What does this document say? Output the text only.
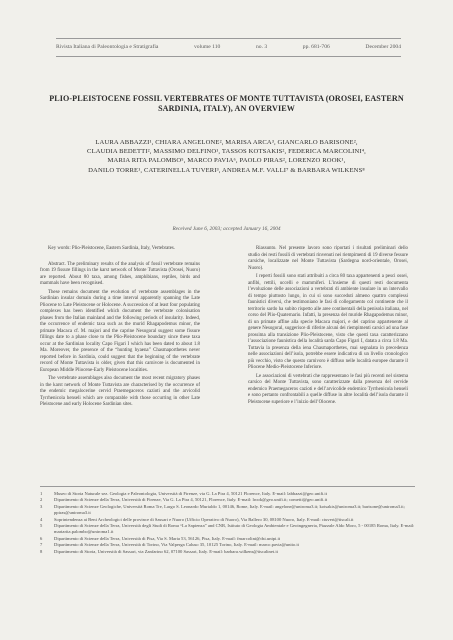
Rivista Italiana di Paleontologia e Stratigrafia	volume 110	no. 3	pp. 681-706	December 2004
PLIO-PLEISTOCENE FOSSIL VERTEBRATES OF MONTE TUTTAVISTA (OROSEI, EASTERN SARDINIA, ITALY), AN OVERVIEW
LAURA ABBAZZI¹, CHIARA ANGELONE², MARISA ARCA³, GIANCARLO BARISONE²,
CLAUDIA BEDETTI², MASSIMO DELFINO¹, TASSOS KOTSAKIS², FEDERICA MARCOLINI⁴,
MARIA RITA PALOMBO⁵, MARCO PAVIA⁶, PAOLO PIRAS², LORENZO ROOK¹,
DANILO TORRE¹, CATERINELLA TUVERI³, ANDREA M.F. VALLI⁷ & BARBARA WILKENS⁸
Received June 6, 2003; accepted January 16, 2004

Key words: Plio-Pleistocene, Eastern Sardinia, Italy, Vertebrates.

Abstract. The preliminary results of the analysis of fossil vertebrate remains from 19 fissure fillings in the karst network of Monte Tuttavista (Orosei, Nuoro) are reported. About 80 taxa, among fishes, amphibians, reptiles, birds and mammals have been recognised.

These remains document the evolution of vertebrate assemblages in the Sardinian insular domain during a time interval apparently spanning the Late Pliocene to Late Pleistocene or Holocene. A succession of at least four populating complexes has been identified which document the vertebrate colonisation phases from the Italian mainland and the following periods of insularity. Indeed, the occurrence of endemic taxa such as the murid Rhagapodemus minor, the primate Macaca cf. M. majori and the caprine Nesogoral suggest some fissure fillings date to a phase close to the Plio-Pleistocene boundary since these taxa occur at the Sardinian locality Capo Figari I which has been dated to about 1.8 Ma. Moreover, the presence of the “hunting hyaena” Chasmaporthetes never reported before in Sardinia, could suggest that the beginning of the vertebrate record of Monte Tuttavista is older, given that this carnivore is documented in European Middle Pliocene-Early Pleistocene localities.

The vertebrate assemblages also document the most recent migratory phases in the karst network of Monte Tuttavista are characterised by the occurrence of the endemic megalocerine cervid Praemegaceros cazioti and the arvicolid Tyrrhenicola henseli which are comparable with those occurring in other Late Pleistocene and early Holocene Sardinian sites.

Riassunto. Nel presente lavoro sono riportati i risultati preliminari dello studio dei resti fossili di vertebrati rinvenuti nei riempimenti di 19 diverse fessure carsiche, localizzate nel Monte Tuttavista (Sardegna nord-orientale, Orosei, Nuoro).

I reperti fossili sono stati attribuiti a circa 80 taxa appartenenti a pesci ossei, anfibi, rettili, uccelli e mammiferi. L’insieme di questi resti documenta l’evoluzione delle associazioni a vertebrati di ambiente insulare in un intervallo di tempo piuttosto lungo, in cui si sono succeduti almeno quattro complessi faunistici diversi, che testimoniano le fasi di collegamento col continente che il territorio sardo ha subito rispetto alle aree continentali della penisola italiana, nel corso del Plio-Quaternario. Infatti, la presenza del muride Rhagapodemus minor, di un primate affine alla specie Macaca majori, e del caprino appartenente al genere Nesogoral, suggerisce di riferire alcuni dei riempimenti carsici ad una fase prossima alla transizione Plio-Pleistocene, visto che questi taxa caratterizzano l’associazione faunistica della località sarda Capo Figari I, datata a circa 1.8 Ma. Tuttavia la presenza della iena Chasmaporthetes, mai segnalata in precedenza nelle associazioni dell’isola, potrebbe essere indicativa di un livello cronologico più vecchio, visto che questo carnivoro è diffuso nelle località europee durante il Pliocene Medio-Pleistocene Inferiore.

Le associazioni di vertebrati che rappresentano le fasi più recenti nel sistema carsico del Monte Tuttavista, sono caratterizzate dalla presenza del cervide endemico Praemegaceros cazioti e dell’arvicolide endemico Tyrrhenicola henseli e sono pertanto confrontabili a quelle diffuse in altre località dell’isola durante il Pleistocene superiore e l’inizio dell’Olocene.

1	Museo di Storia Naturale sez. Geologia e Paleontologia, Università di Firenze, via G. La Pira 4, 50121 Florence, Italy. E-mail: labbazzi@geo.unifi.it
2	Dipartimento di Scienze della Terra, Università di Firenze, Via G. La Pira 4, 50121, Florence, Italy. E-mail: lrook@geo.unifi.it; cometti@geo.unifi.it
3	Dipartimento di Scienze Geologiche, Università Roma Tre, Largo S. Leonardo Murialdo 1, 00146, Rome, Italy. E-mail: angelone@uniroma3.it; kotsakis@uniroma3.it; barisone@uniroma3.it; ppiras@uniroma3.it
4	Soprintendenza ai Beni Archeologici delle province di Sassari e Nuoro (Ufficio Operativo di Nuoro), Via Ballero 30, 08100 Nuoro, Italy. E-mail: ctuveri@tiscali.it
5	Dipartimento di Scienze della Terra, Università degli Studi di Roma “La Sapienza” and CNR, Istituto di Geologia Ambientale e Geoingegneria, Piazzale Aldo Moro, 5 - 00185 Roma, Italy. E-mail: mariarita.palombo@uniroma1.it
6	Dipartimento di Scienze della Terra, Università di Pisa, Via S. Maria 53, 56126, Pisa, Italy. E-mail: fmarcolini@dst.unipi.it
7	Dipartimento di Scienze della Terra, Università di Torino, Via Valperga Caluso 35, 10125 Torino, Italy. E-mail: marco.pavia@unito.it
8	Dipartimento di Storia, Università di Sassari, via Zanfarino 62, 07100 Sassari, Italy. E-mail: barbara.wilkens@tiscalinet.it
